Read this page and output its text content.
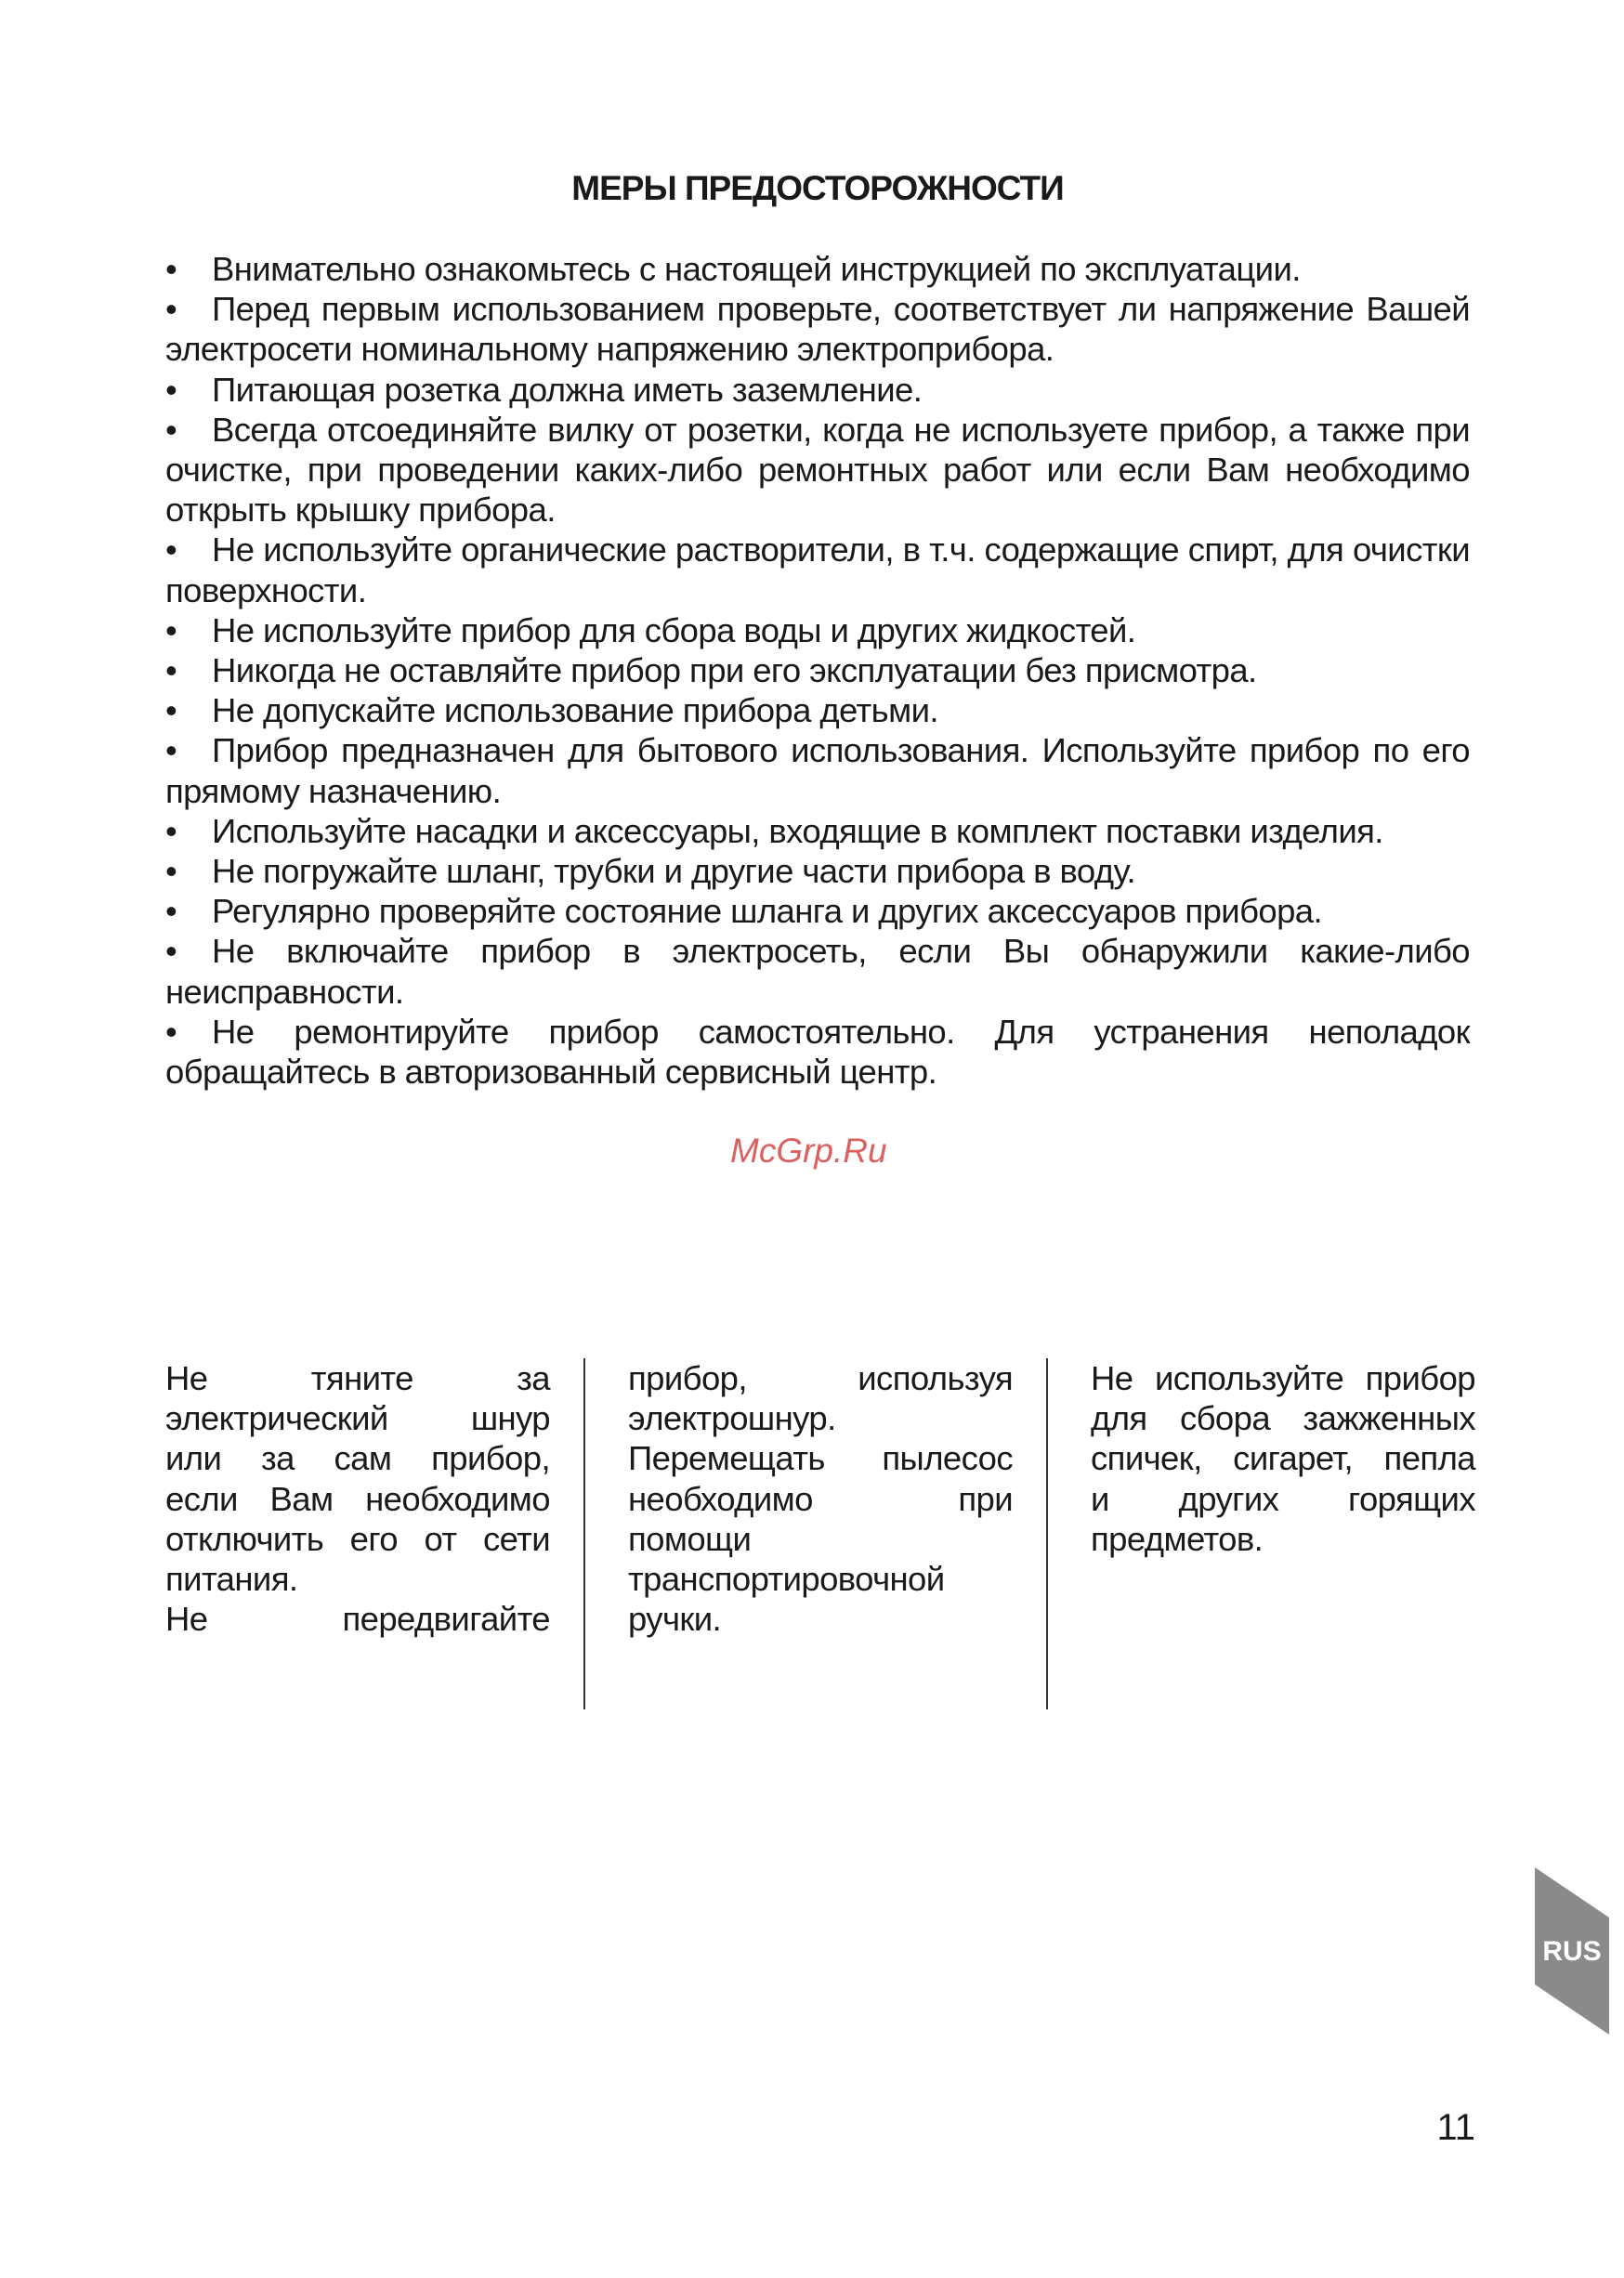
МЕРЫ ПРЕДОСТОРОЖНОСТИ

• Внимательно ознакомьтесь с настоящей инструкцией по эксплуатации.

• Перед первым использованием проверьте, соответствует ли напряжение Вашей электросети номинальному напряжению электроприбора.

• Питающая розетка должна иметь заземление.

• Всегда отсоединяйте вилку от розетки, когда не используете прибор, а также при очистке, при проведении каких-либо ремонтных работ или если Вам необходимо открыть крышку прибора.

• Не используйте органические растворители, в т.ч. содержащие спирт, для очистки поверхности.

• Не используйте прибор для сбора воды и других жидкостей.

• Никогда не оставляйте прибор при его эксплуатации без присмотра.

• Не допускайте использование прибора детьми.

• Прибор предназначен для бытового использования. Используйте прибор по его прямому назначению.

• Используйте насадки и аксессуары, входящие в комплект поставки изделия.

• Не погружайте шланг, трубки и другие части прибора в воду.

• Регулярно проверяйте состояние шланга и других аксессуаров прибора.

• Не включайте прибор в электросеть, если Вы обнаружили какие-либо неисправности.

• Не ремонтируйте прибор самостоятельно. Для устранения неполадок обращайтесь в авторизованный сервисный центр.

McGrp.Ru

Не тяните за

электрический шнур

или за сам прибор,

если Вам необходимо

отключить его от сети

питания.

Не передвигайте

прибор, используя

электрошнур.

Перемещать пылесос

необходимо при

помощи

транспортировочной

ручки.

Не используйте прибор

для сбора зажженных

спичек, сигарет, пепла

и других горящих

предметов.

RUS
11
